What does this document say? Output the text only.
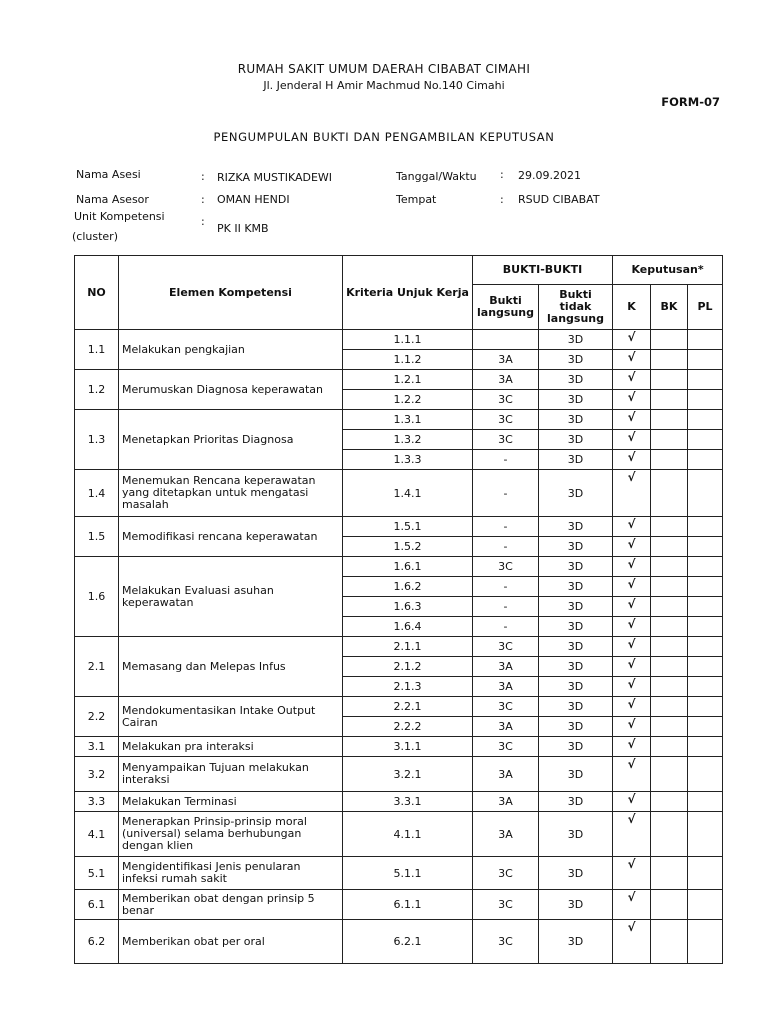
RUMAH SAKIT UMUM DAERAH CIBABAT CIMAHI
Jl. Jenderal H Amir Machmud No.140 Cimahi
FORM-07
PENGUMPULAN BUKTI DAN PENGAMBILAN KEPUTUSAN
Nama Asesi	: RIZKA MUSTIKADEWI	Tanggal/Waktu : 29.09.2021
Nama Asesor	: OMAN HENDI	Tempat	: RSUD CIBABAT
Unit Kompetensi
(cluster)
:
PK II KMB
NO	Elemen Kompetensi	Kriteria Unjuk Kerja	BUKTI-BUKTI		Keputusan*		
			Bukti langsung	Bukti tidak langsung	K	BK	PL
1.1	Melakukan pengkajian	1.1.1		3D	√		
		1.1.2	3A	3D	√		
1.2	Merumuskan Diagnosa keperawatan	1.2.1	3A	3D	√		
		1.2.2	3C	3D	√		
1.3	Menetapkan Prioritas Diagnosa	1.3.1	3C	3D	√		
		1.3.2	3C	3D	√		
		1.3.3	-	3D	√		
1.4	Menemukan Rencana keperawatan yang ditetapkan untuk mengatasi masalah	1.4.1	-	3D	√		
1.5	Memodifikasi rencana keperawatan	1.5.1	-	3D	√		
		1.5.2	-	3D	√		
1.6	Melakukan Evaluasi asuhan keperawatan	1.6.1	3C	3D	√		
		1.6.2	-	3D	√		
		1.6.3	-	3D	√		
		1.6.4	-	3D	√		
2.1	Memasang dan Melepas Infus	2.1.1	3C	3D	√		
		2.1.2	3A	3D	√		
		2.1.3	3A	3D	√		
2.2	Mendokumentasikan Intake Output Cairan	2.2.1	3C	3D	√		
		2.2.2	3A	3D	√		
3.1	Melakukan pra interaksi	3.1.1	3C	3D	√		
3.2	Menyampaikan Tujuan melakukan interaksi	3.2.1	3A	3D	√		
3.3	Melakukan Terminasi	3.3.1	3A	3D	√		
4.1	Menerapkan Prinsip-prinsip moral (universal) selama berhubungan dengan klien	4.1.1	3A	3D	√		
5.1	Mengidentifikasi Jenis penularan infeksi rumah sakit	5.1.1	3C	3D	√		
6.1	Memberikan obat dengan prinsip 5 benar	6.1.1	3C	3D	√		
6.2	Memberikan obat per oral	6.2.1	3C	3D	√		
